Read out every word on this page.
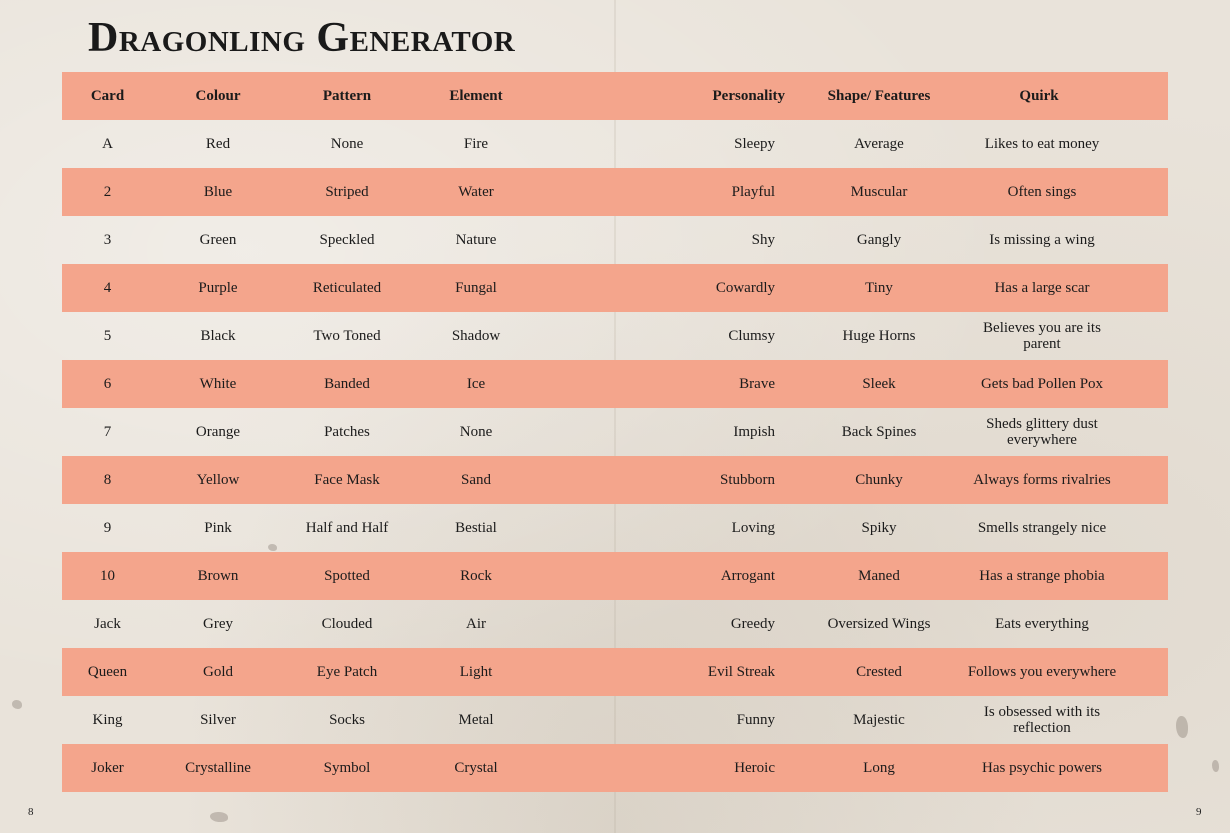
Dragonling Generator
Card	Colour	Pattern	Element	Personality	Shape/ Features	Quirk	
A	Red	None	Fire	Sleepy	Average	Likes to eat money	
2	Blue	Striped	Water	Playful	Muscular	Often sings	
3	Green	Speckled	Nature	Shy	Gangly	Is missing a wing	
4	Purple	Reticulated	Fungal	Cowardly	Tiny	Has a large scar	
5	Black	Two Toned	Shadow	Clumsy	Huge Horns	Believes you are its parent	
6	White	Banded	Ice	Brave	Sleek	Gets bad Pollen Pox	
7	Orange	Patches	None	Impish	Back Spines	Sheds glittery dust everywhere	
8	Yellow	Face Mask	Sand	Stubborn	Chunky	Always forms rivalries	
9	Pink	Half and Half	Bestial	Loving	Spiky	Smells strangely nice	
10	Brown	Spotted	Rock	Arrogant	Maned	Has a strange phobia	
Jack	Grey	Clouded	Air	Greedy	Oversized Wings	Eats everything	
Queen	Gold	Eye Patch	Light	Evil Streak	Crested	Follows you everywhere	
King	Silver	Socks	Metal	Funny	Majestic	Is obsessed with its reflection	
Joker	Crystalline	Symbol	Crystal	Heroic	Long	Has psychic powers	
8	9
